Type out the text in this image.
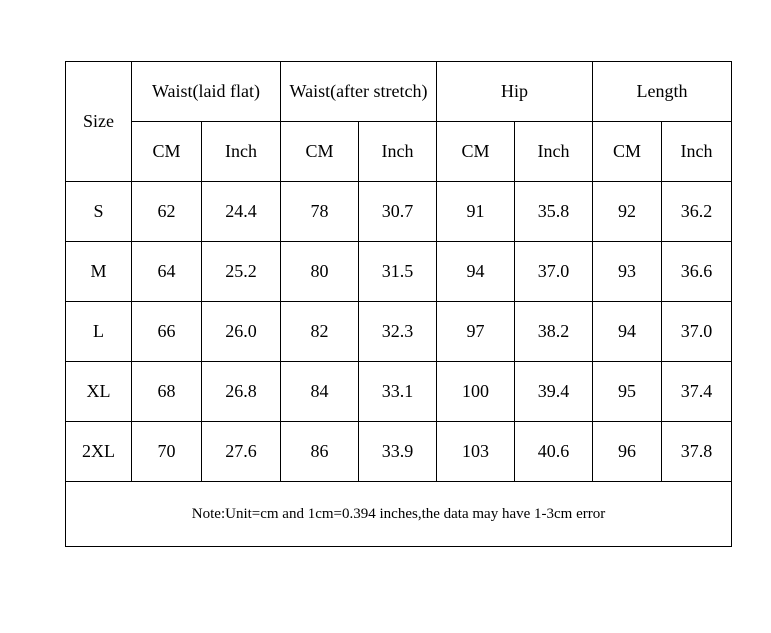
Size	Waist(laid flat)		Waist(after stretch)		Hip		Length	
	CM	Inch	CM	Inch	CM	Inch	CM	Inch
S	62	24.4	78	30.7	91	35.8	92	36.2
M	64	25.2	80	31.5	94	37.0	93	36.6
L	66	26.0	82	32.3	97	38.2	94	37.0
XL	68	26.8	84	33.1	100	39.4	95	37.4
2XL	70	27.6	86	33.9	103	40.6	96	37.8
Note:Unit=cm and 1cm=0.394 inches,the data may have 1-3cm error								
